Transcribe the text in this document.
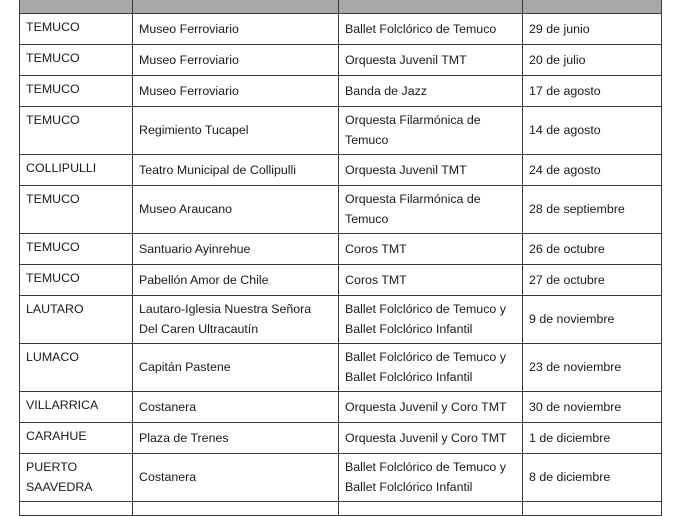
TEMUCO	Museo Ferroviario	Ballet Folclórico de Temuco	29 de junio
TEMUCO	Museo Ferroviario	Orquesta Juvenil TMT	20 de julio
TEMUCO	Museo Ferroviario	Banda de Jazz	17 de agosto
TEMUCO	Regimiento Tucapel	Orquesta Filarmónica de Temuco	14 de agosto
COLLIPULLI	Teatro Municipal de Collipulli	Orquesta Juvenil TMT	24 de agosto
TEMUCO	Museo Araucano	Orquesta Filarmónica de Temuco	28 de septiembre
TEMUCO	Santuario Ayinrehue	Coros TMT	26 de octubre
TEMUCO	Pabellón Amor de Chile	Coros TMT	27 de octubre
LAUTARO	Lautaro-Iglesia Nuestra Señora Del Caren Ultracautín	Ballet Folclórico de Temuco y Ballet Folclórico Infantil	9 de noviembre
LUMACO	Capitán Pastene	Ballet Folclórico de Temuco y Ballet Folclórico Infantil	23 de noviembre
VILLARRICA	Costanera	Orquesta Juvenil y Coro TMT	30 de noviembre
CARAHUE	Plaza de Trenes	Orquesta Juvenil y Coro TMT	1 de diciembre
PUERTO SAAVEDRA	Costanera	Ballet Folclórico de Temuco y Ballet Folclórico Infantil	8 de diciembre
